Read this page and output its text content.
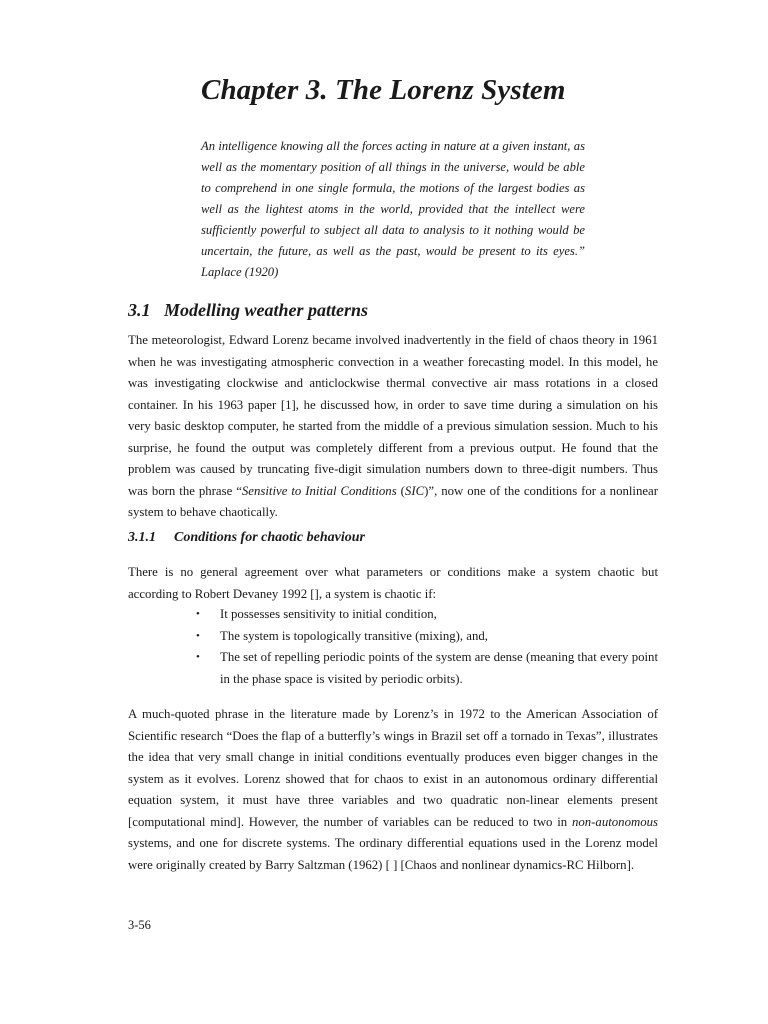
Chapter 3. The Lorenz System

An intelligence knowing all the forces acting in nature at a given instant, as well as the momentary position of all things in the universe, would be able to comprehend in one single formula, the motions of the largest bodies as well as the lightest atoms in the world, provided that the intellect were sufficiently powerful to subject all data to analysis to it nothing would be uncertain, the future, as well as the past, would be present to its eyes.” Laplace (1920)

3.1 Modelling weather patterns

The meteorologist, Edward Lorenz became involved inadvertently in the field of chaos theory in 1961 when he was investigating atmospheric convection in a weather forecasting model. In this model, he was investigating clockwise and anticlockwise thermal convective air mass rotations in a closed container. In his 1963 paper [1], he discussed how, in order to save time during a simulation on his very basic desktop computer, he started from the middle of a previous simulation session. Much to his surprise, he found the output was completely different from a previous output. He found that the problem was caused by truncating five-digit simulation numbers down to three-digit numbers. Thus was born the phrase “Sensitive to Initial Conditions (SIC)”, now one of the conditions for a nonlinear system to behave chaotically.

3.1.1 Conditions for chaotic behaviour

There is no general agreement over what parameters or conditions make a system chaotic but according to Robert Devaney 1992 [], a system is chaotic if:

• It possesses sensitivity to initial condition,
• The system is topologically transitive (mixing), and,
• The set of repelling periodic points of the system are dense (meaning that every point in the phase space is visited by periodic orbits).

A much-quoted phrase in the literature made by Lorenz’s in 1972 to the American Association of Scientific research “Does the flap of a butterfly’s wings in Brazil set off a tornado in Texas”, illustrates the idea that very small change in initial conditions eventually produces even bigger changes in the system as it evolves. Lorenz showed that for chaos to exist in an autonomous ordinary differential equation system, it must have three variables and two quadratic non-linear elements present [computational mind]. However, the number of variables can be reduced to two in non-autonomous systems, and one for discrete systems. The ordinary differential equations used in the Lorenz model were originally created by Barry Saltzman (1962) [ ] [Chaos and nonlinear dynamics-RC Hilborn].

3-56
